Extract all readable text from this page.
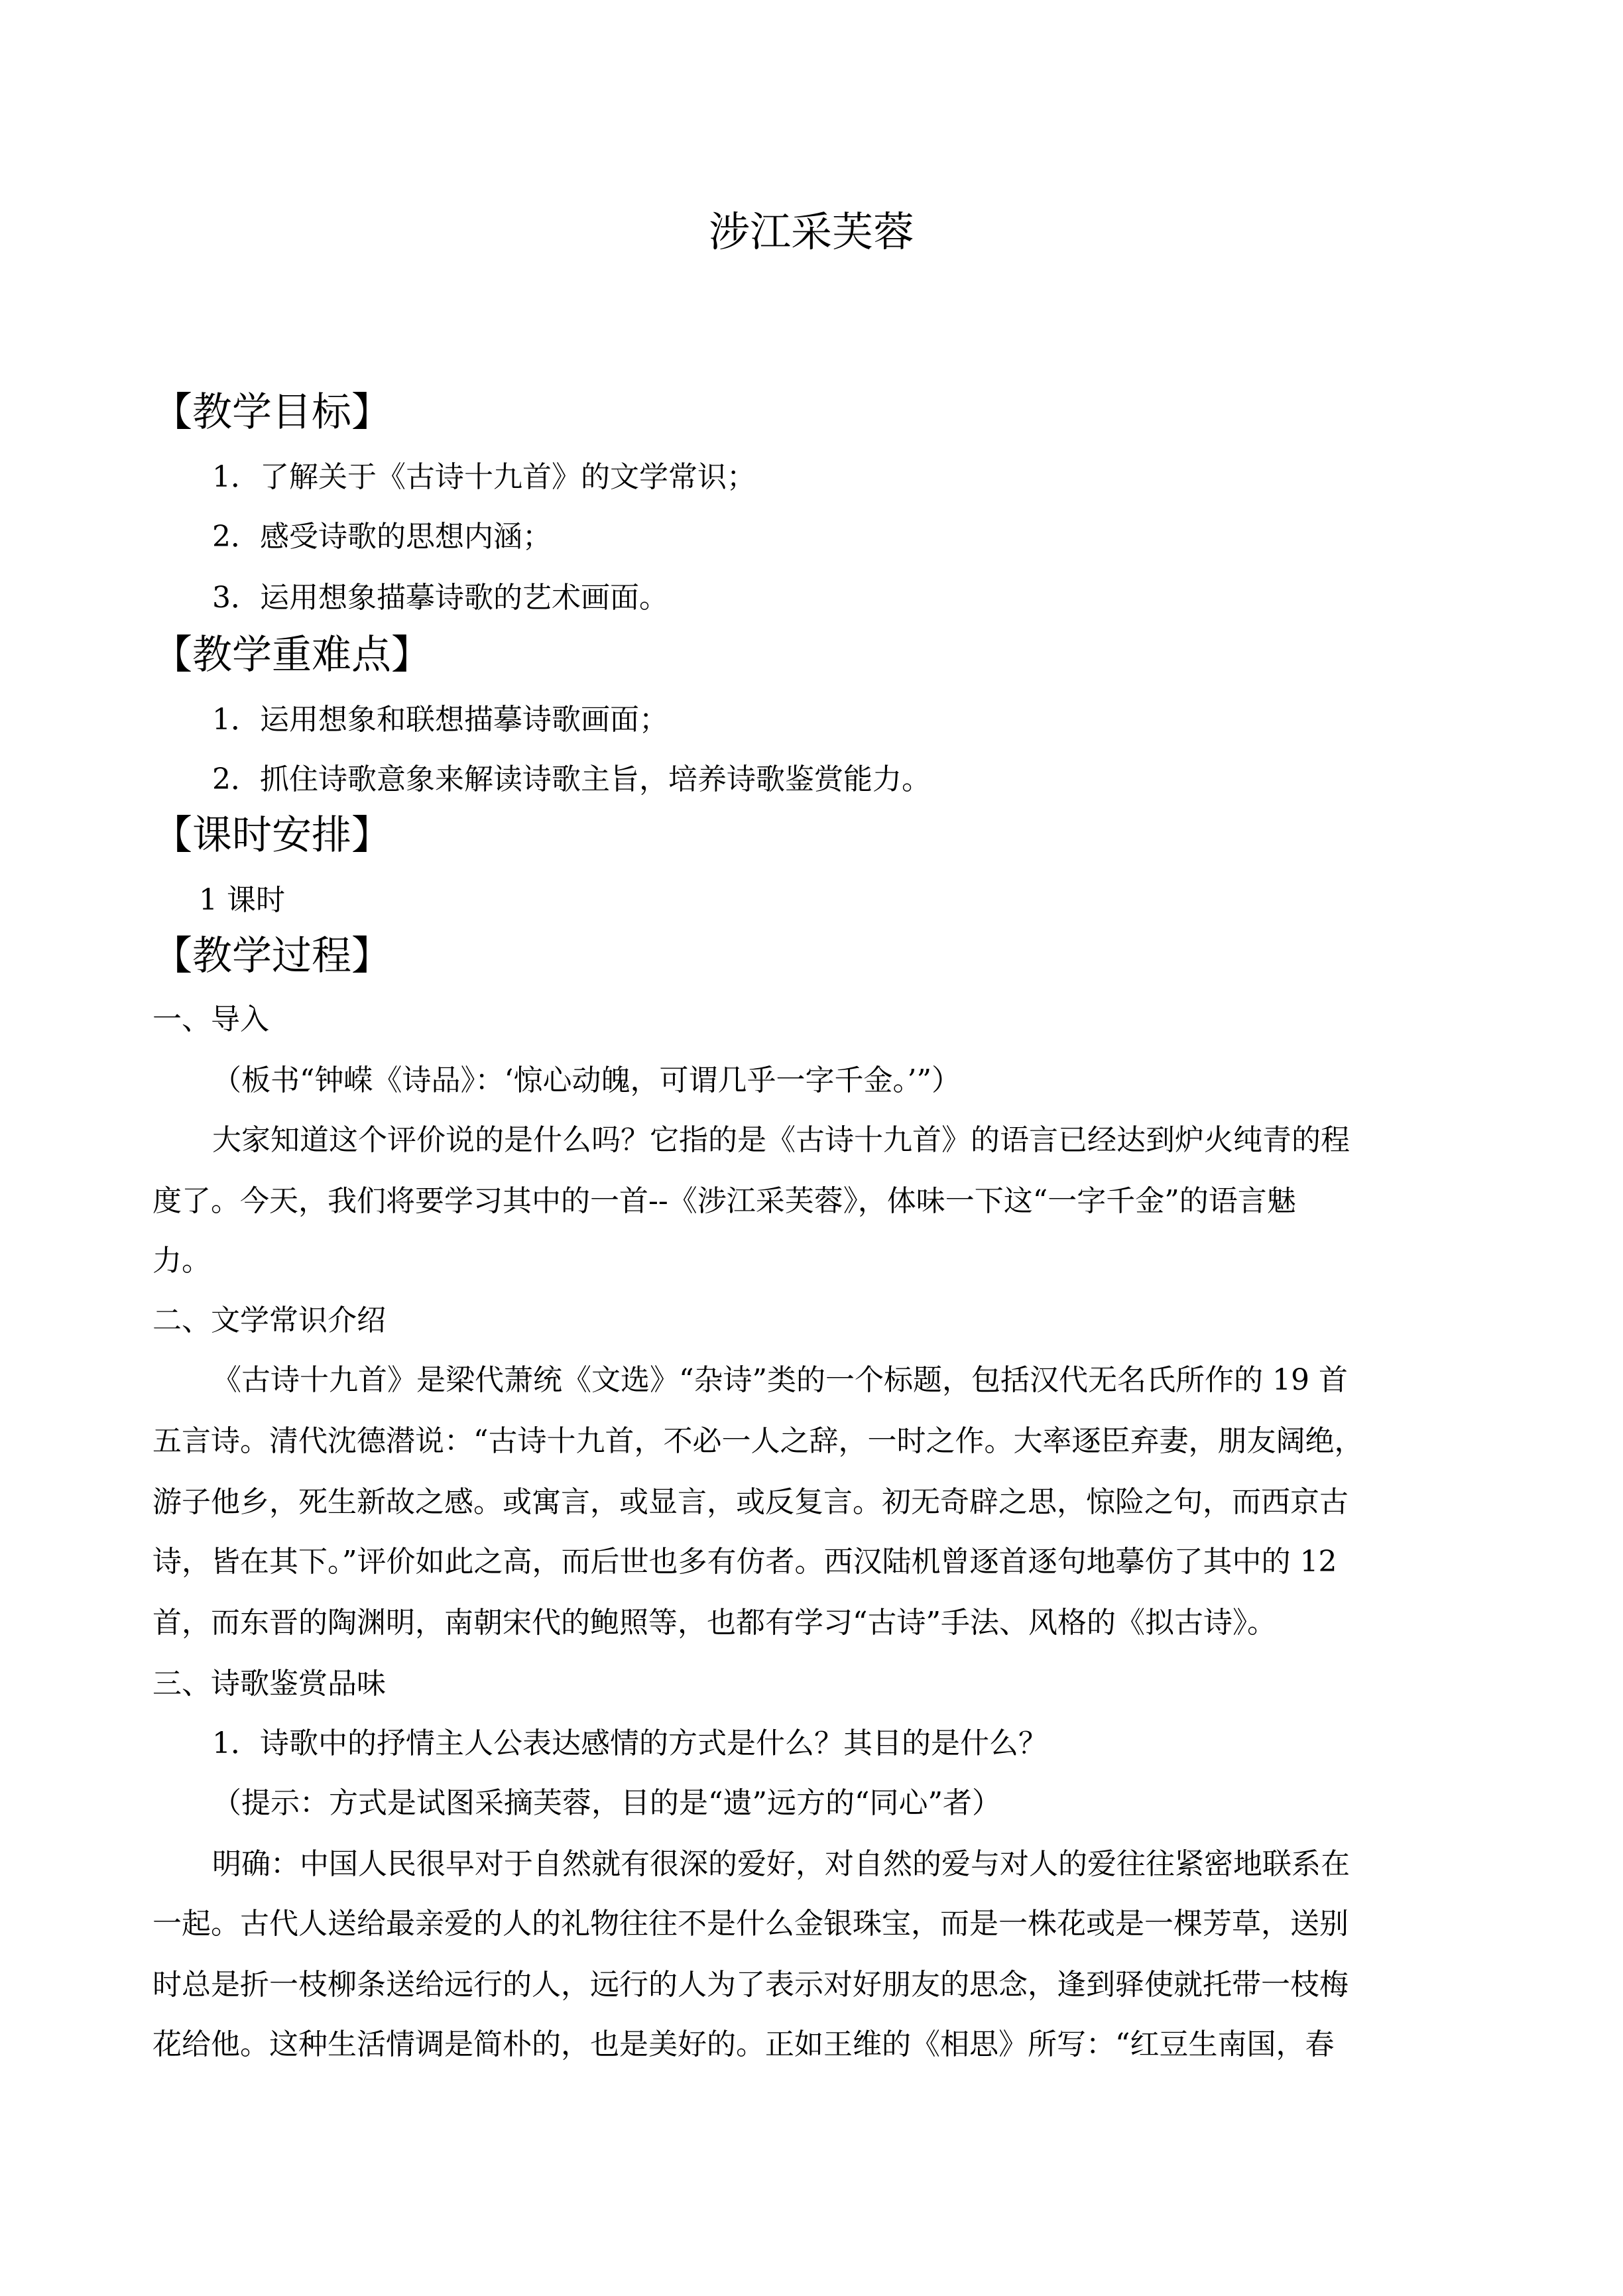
涉江采芙蓉
【教学目标】
1．了解关于《古诗十九首》的文学常识；
2．感受诗歌的思想内涵；
3．运用想象描摹诗歌的艺术画面。
【教学重难点】
1．运用想象和联想描摹诗歌画面；
2．抓住诗歌意象来解读诗歌主旨，培养诗歌鉴赏能力。
【课时安排】
1 课时
【教学过程】
一、导入
（板书“钟嵘《诗品》：‘惊心动魄，可谓几乎一字千金。’”）
大家知道这个评价说的是什么吗？它指的是《古诗十九首》的语言已经达到炉火纯青的程
度了。今天，我们将要学习其中的一首--《涉江采芙蓉》，体味一下这“一字千金”的语言魅
力。
二、文学常识介绍
《古诗十九首》是梁代萧统《文选》“杂诗”类的一个标题，包括汉代无名氏所作的 19 首
五言诗。清代沈德潜说：“古诗十九首，不必一人之辞，一时之作。大率逐臣弃妻，朋友阔绝，
游子他乡，死生新故之感。或寓言，或显言，或反复言。初无奇辟之思，惊险之句，而西京古
诗，皆在其下。”评价如此之高，而后世也多有仿者。西汉陆机曾逐首逐句地摹仿了其中的 12
首，而东晋的陶渊明，南朝宋代的鲍照等，也都有学习“古诗”手法、风格的《拟古诗》。
三、诗歌鉴赏品味
1．诗歌中的抒情主人公表达感情的方式是什么？其目的是什么？
（提示：方式是试图采摘芙蓉，目的是“遗”远方的“同心”者）
明确：中国人民很早对于自然就有很深的爱好，对自然的爱与对人的爱往往紧密地联系在
一起。古代人送给最亲爱的人的礼物往往不是什么金银珠宝，而是一株花或是一棵芳草，送别
时总是折一枝柳条送给远行的人，远行的人为了表示对好朋友的思念，逢到驿使就托带一枝梅
花给他。这种生活情调是简朴的，也是美好的。正如王维的《相思》所写：“红豆生南国，春
